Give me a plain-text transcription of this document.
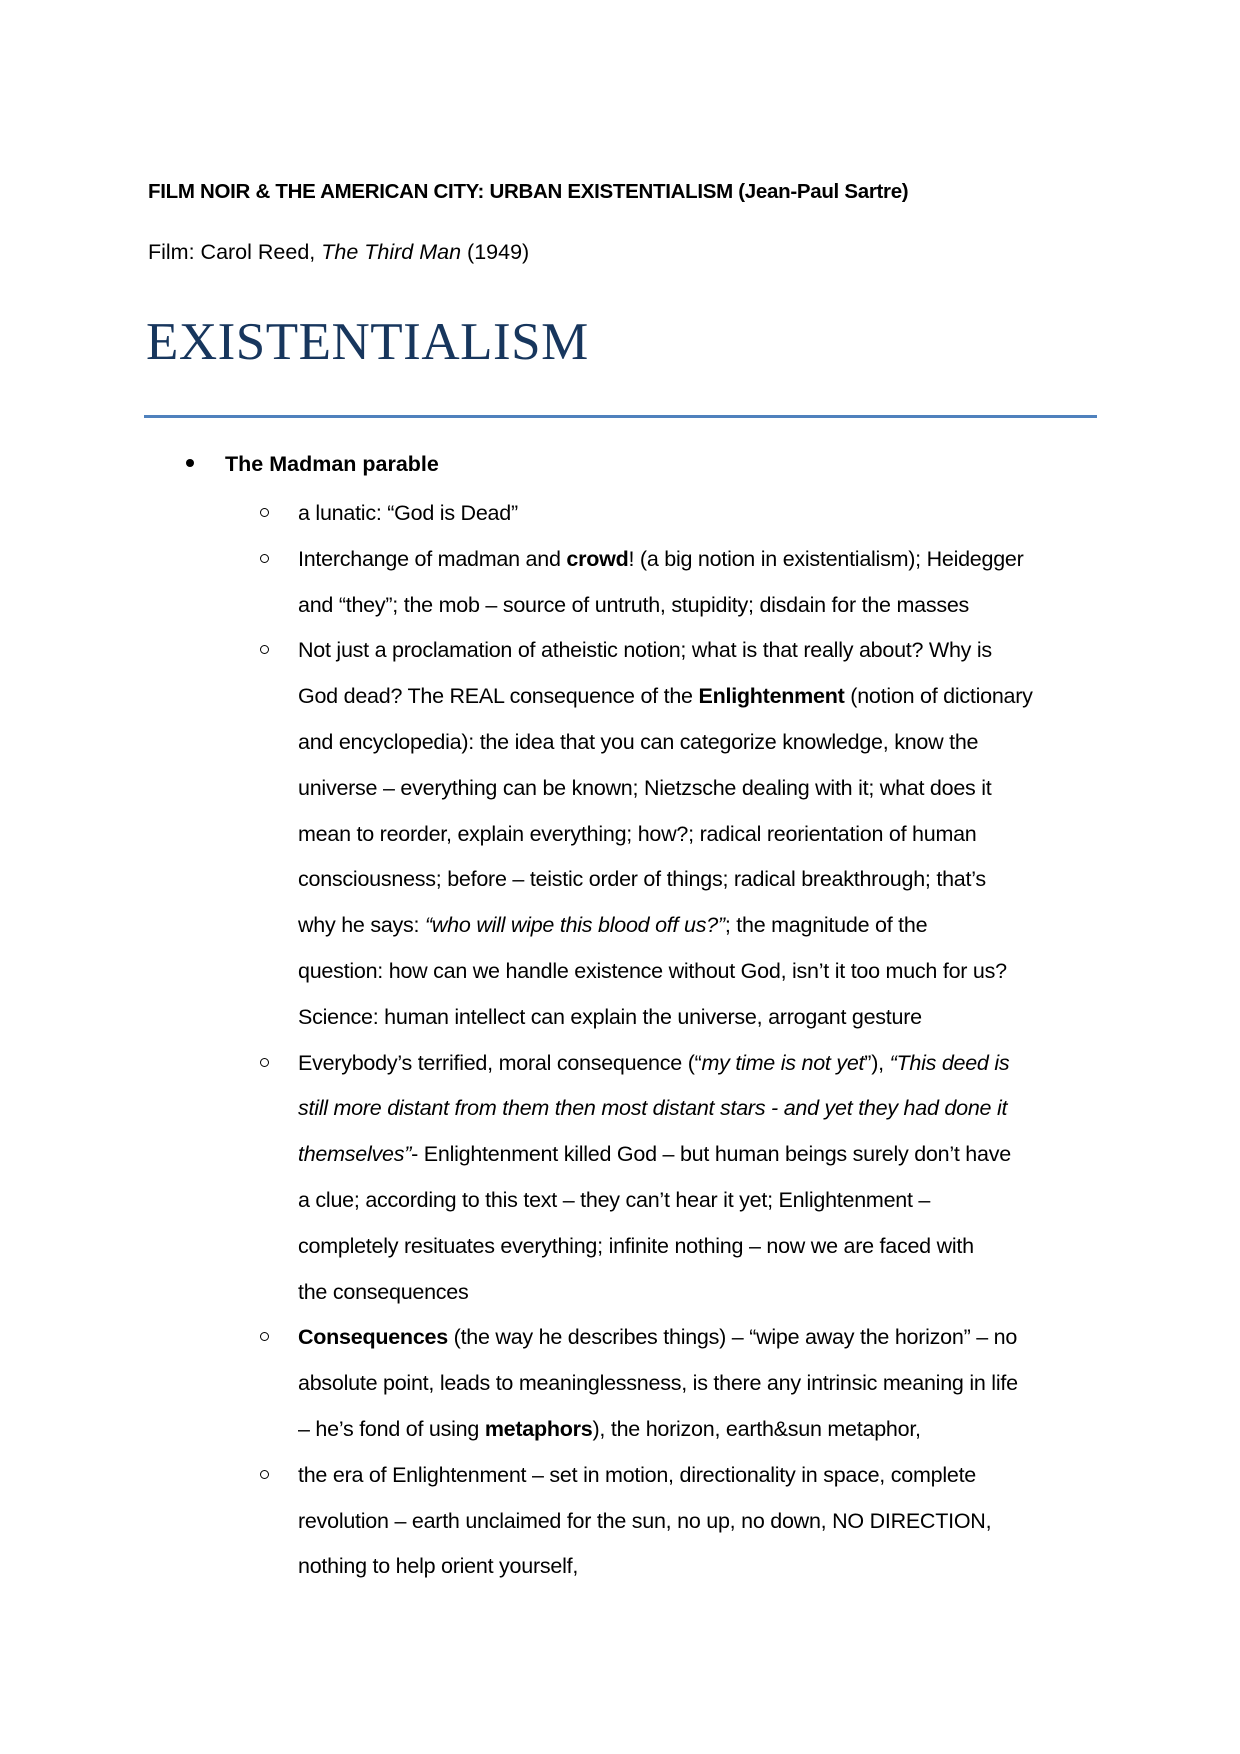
FILM NOIR & THE AMERICAN CITY: URBAN EXISTENTIALISM (Jean-Paul Sartre)
Film: Carol Reed, The Third Man (1949)
EXISTENTIALISM
The Madman parable
a lunatic: “God is Dead”
Interchange of madman and crowd! (a big notion in existentialism); Heidegger
and “they”; the mob – source of untruth, stupidity; disdain for the masses
Not just a proclamation of atheistic notion; what is that really about? Why is
God dead? The REAL consequence of the Enlightenment (notion of dictionary
and encyclopedia): the idea that you can categorize knowledge, know the
universe – everything can be known; Nietzsche dealing with it; what does it
mean to reorder, explain everything; how?; radical reorientation of human
consciousness; before – teistic order of things; radical breakthrough; that’s
why he says: “who will wipe this blood off us?”; the magnitude of the
question: how can we handle existence without God, isn’t it too much for us?
Science: human intellect can explain the universe, arrogant gesture
Everybody’s terrified, moral consequence (“my time is not yet”), “This deed is
still more distant from them then most distant stars - and yet they had done it
themselves”- Enlightenment killed God – but human beings surely don’t have
a clue; according to this text – they can’t hear it yet; Enlightenment –
completely resituates everything; infinite nothing – now we are faced with
the consequences
Consequences (the way he describes things) – “wipe away the horizon” – no
absolute point, leads to meaninglessness, is there any intrinsic meaning in life
– he’s fond of using metaphors), the horizon, earth&sun metaphor,
the era of Enlightenment – set in motion, directionality in space, complete
revolution – earth unclaimed for the sun, no up, no down, NO DIRECTION,
nothing to help orient yourself,
